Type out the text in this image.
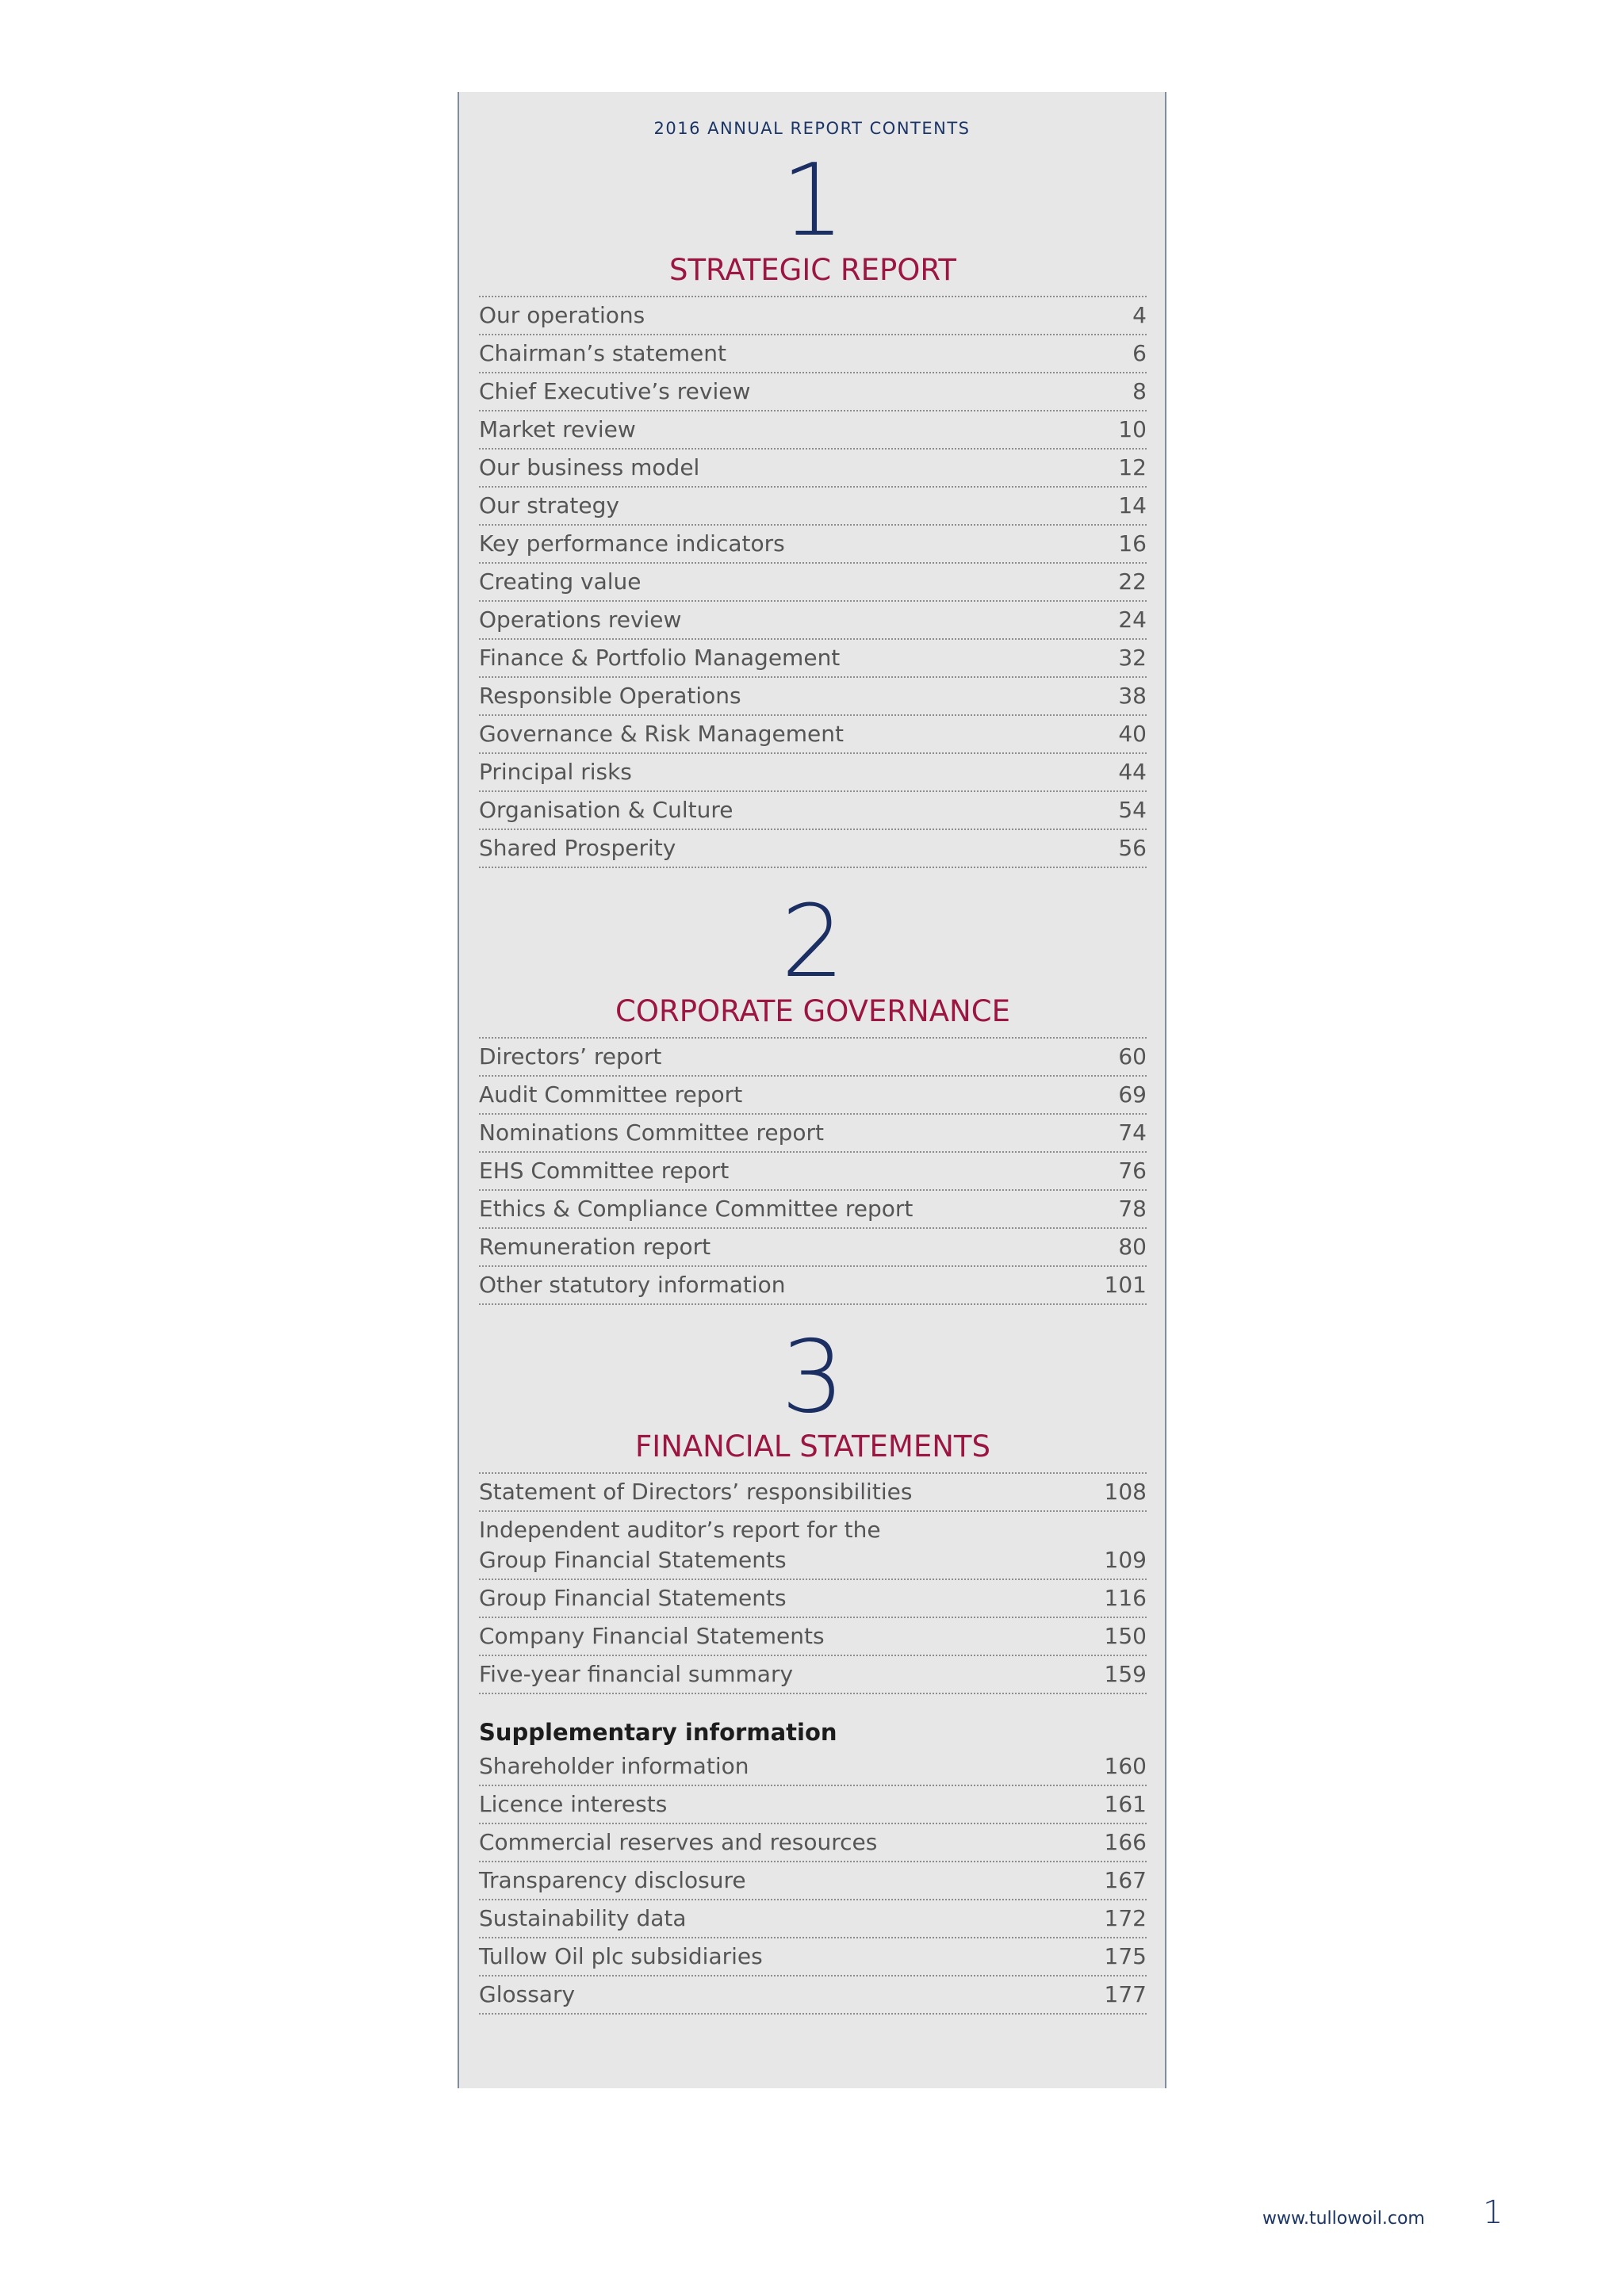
2016 ANNUAL REPORT CONTENTS
1
STRATEGIC REPORT
Our operations	4
Chairman’s statement	6
Chief Executive’s review	8
Market review	10
Our business model	12
Our strategy	14
Key performance indicators	16
Creating value	22
Operations review	24
Finance & Portfolio Management	32
Responsible Operations	38
Governance & Risk Management	40
Principal risks	44
Organisation & Culture	54
Shared Prosperity	56
2
CORPORATE GOVERNANCE
Directors’ report	60
Audit Committee report	69
Nominations Committee report	74
EHS Committee report	76
Ethics & Compliance Committee report	78
Remuneration report	80
Other statutory information	101
3
FINANCIAL STATEMENTS
Statement of Directors’ responsibilities	108
Independent auditor’s report for the
Group Financial Statements	109
Group Financial Statements	116
Company Financial Statements	150
Five-year financial summary	159
Supplementary information
Shareholder information	160
Licence interests	161
Commercial reserves and resources	166
Transparency disclosure	167
Sustainability data	172
Tullow Oil plc subsidiaries	175
Glossary	177
www.tullowoil.com 1
